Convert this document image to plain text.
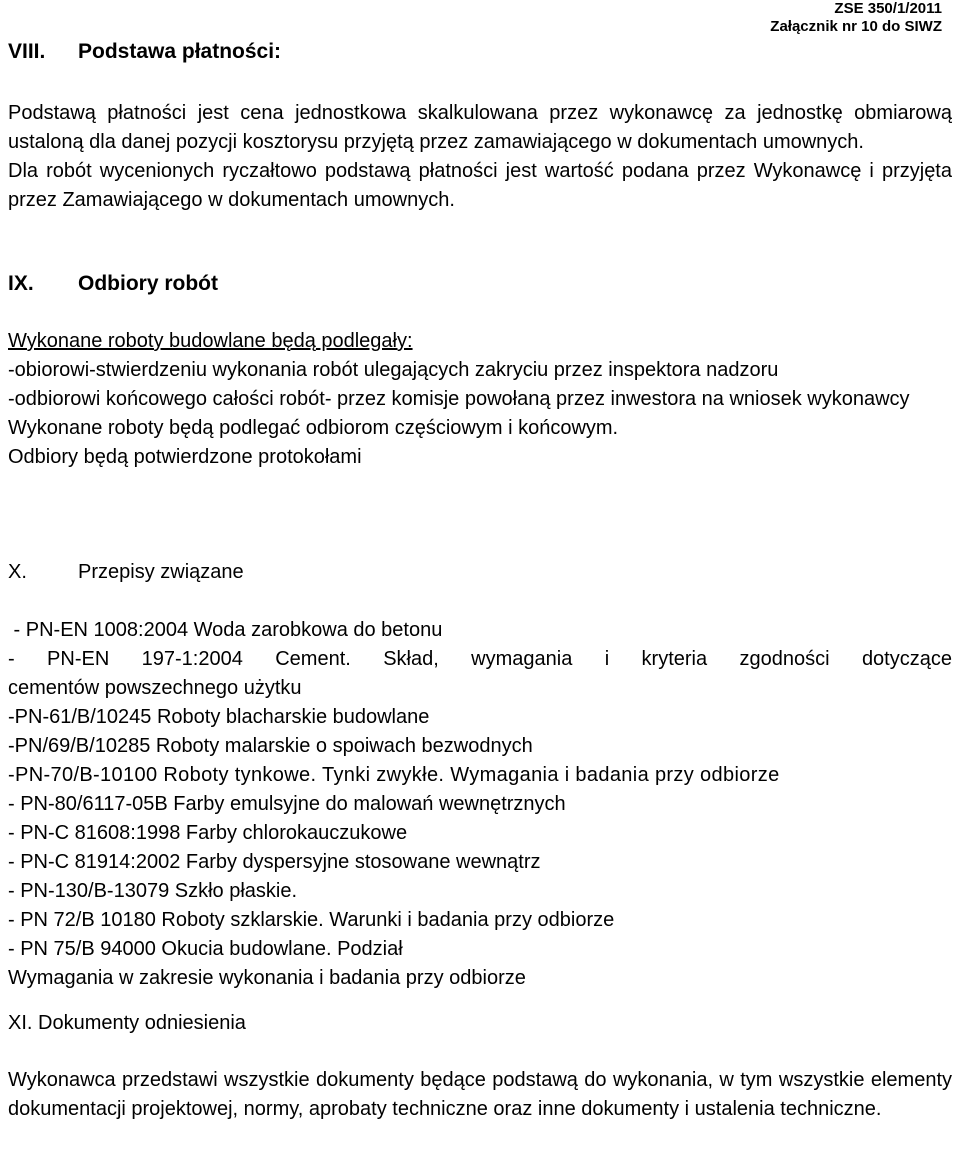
ZSE 350/1/2011
Załącznik nr 10 do SIWZ
VIII. Podstawa płatności:

Podstawą płatności jest cena jednostkowa skalkulowana przez wykonawcę za jednostkę obmiarową ustaloną dla danej pozycji kosztorysu przyjętą przez zamawiającego w dokumentach umownych.

Dla robót wycenionych ryczałtowo podstawą płatności jest wartość podana przez Wykonawcę i przyjęta przez Zamawiającego w dokumentach umownych.

IX. Odbiory robót

Wykonane roboty budowlane będą podlegały:

-obiorowi-stwierdzeniu wykonania robót ulegających zakryciu przez inspektora nadzoru

-odbiorowi końcowego całości robót- przez komisje powołaną przez inwestora na wniosek wykonawcy

Wykonane roboty będą podlegać odbiorom częściowym i końcowym.

Odbiory będą potwierdzone protokołami

X.	Przepisy związane

- PN-EN 1008:2004 Woda zarobkowa do betonu

- PN-EN 197-1:2004 Cement. Skład, wymagania i kryteria zgodności dotyczące

cementów powszechnego użytku

-PN-61/B/10245 Roboty blacharskie budowlane

-PN/69/B/10285 Roboty malarskie o spoiwach bezwodnych

-PN-70/B-10100 Roboty tynkowe. Tynki zwykłe. Wymagania i badania przy odbiorze

- PN-80/6117-05B Farby emulsyjne do malowań wewnętrznych

- PN-C 81608:1998 Farby chlorokauczukowe

- PN-C 81914:2002 Farby dyspersyjne stosowane wewnątrz

- PN-130/B-13079 Szkło płaskie.

- PN 72/B 10180 Roboty szklarskie. Warunki i badania przy odbiorze

- PN 75/B 94000 Okucia budowlane. Podział

Wymagania w zakresie wykonania i badania przy odbiorze

XI. Dokumenty odniesienia

Wykonawca przedstawi wszystkie dokumenty będące podstawą do wykonania, w tym wszystkie elementy dokumentacji projektowej, normy, aprobaty techniczne oraz inne dokumenty i ustalenia techniczne.
